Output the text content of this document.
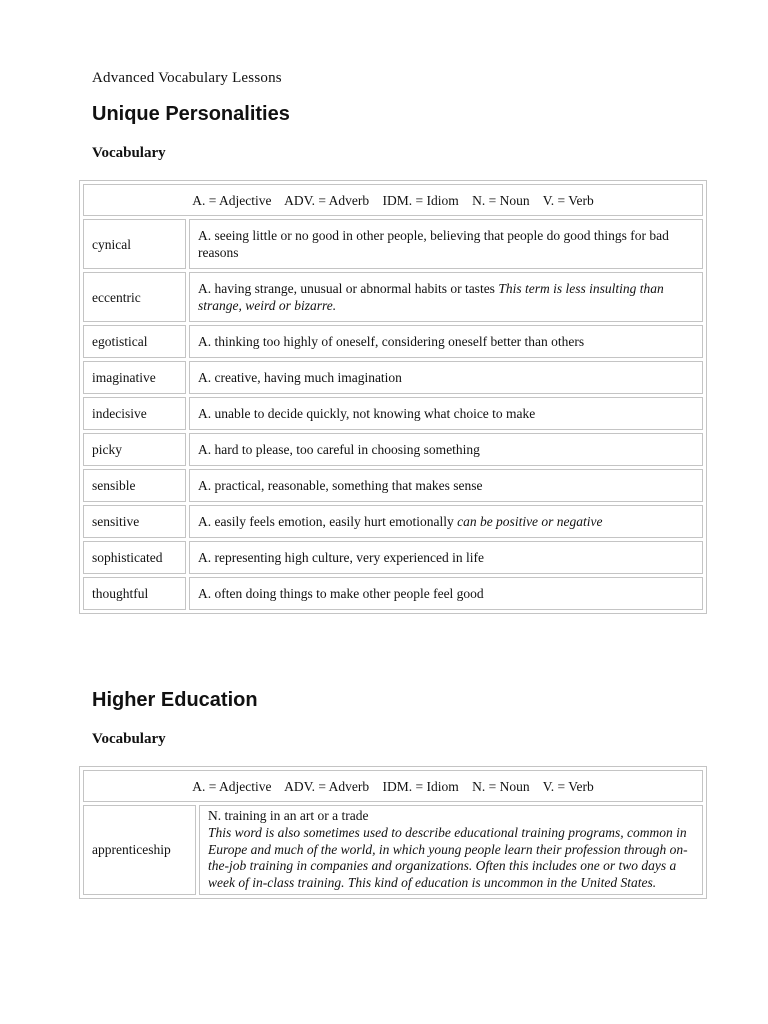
Advanced Vocabulary Lessons
Unique Personalities
Vocabulary
A. = Adjective ADV. = Adverb IDM. = Idiom N. = Noun V. = Verb	
cynical	A. seeing little or no good in other people, believing that people do good things for bad reasons
eccentric	A. having strange, unusual or abnormal habits or tastes This term is less insulting than strange, weird or bizarre.
egotistical	A. thinking too highly of oneself, considering oneself better than others
imaginative	A. creative, having much imagination
indecisive	A. unable to decide quickly, not knowing what choice to make
picky	A. hard to please, too careful in choosing something
sensible	A. practical, reasonable, something that makes sense
sensitive	A. easily feels emotion, easily hurt emotionally can be positive or negative
sophisticated	A. representing high culture, very experienced in life
thoughtful	A. often doing things to make other people feel good
Higher Education
Vocabulary
A. = Adjective ADV. = Adverb IDM. = Idiom N. = Noun V. = Verb
apprenticeship	N. training in an art or a trade
This word is also sometimes used to describe educational training programs, common in Europe and much of the world, in which young people learn their profession through on-the-job training in companies and organizations. Often this includes one or two days a week of in-class training. This kind of education is uncommon in the United States.
